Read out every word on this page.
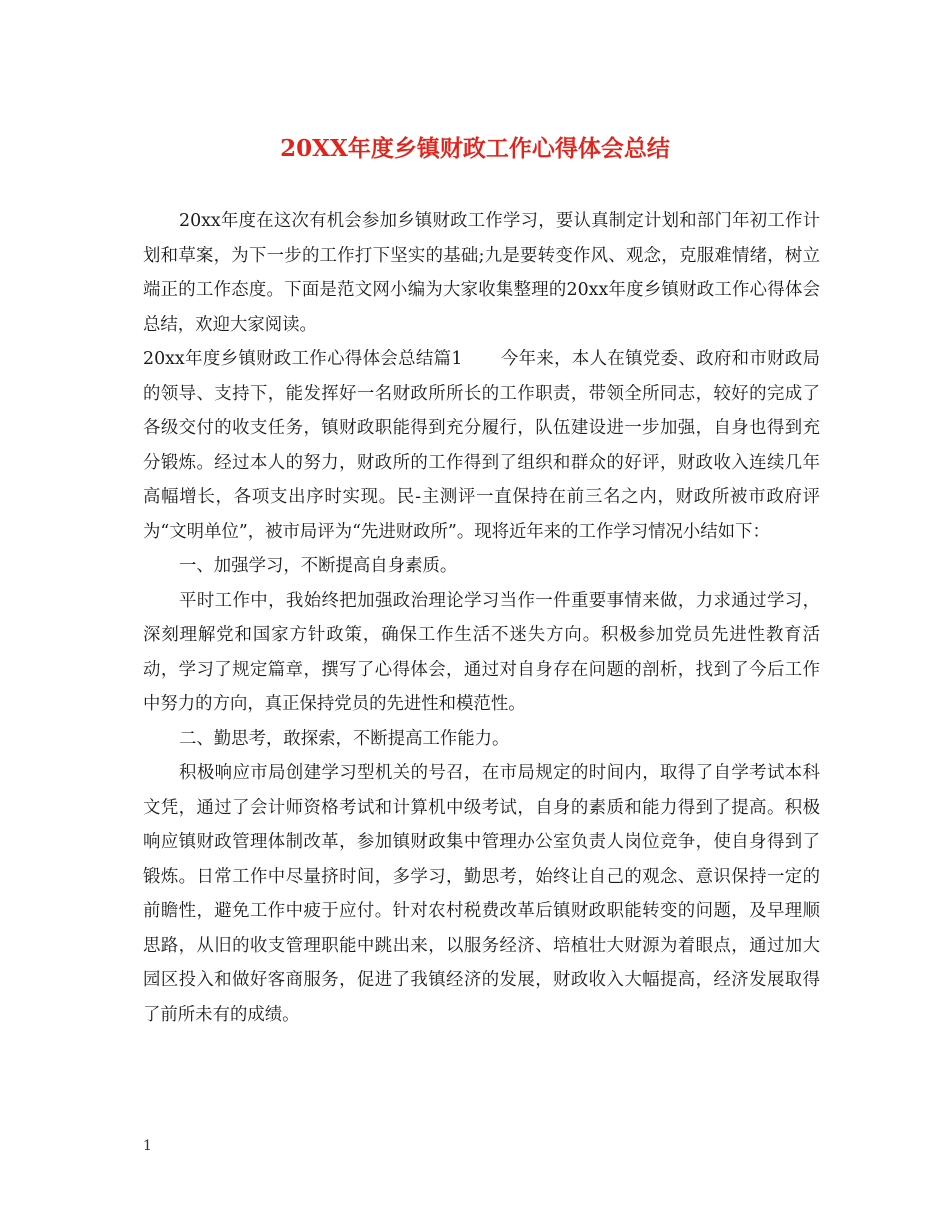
20XX年度乡镇财政工作心得体会总结

20xx年度在这次有机会参加乡镇财政工作学习，要认真制定计划和部门年初工作计划和草案，为下一步的工作打下坚实的基础;九是要转变作风、观念，克服难情绪，树立端正的工作态度。下面是范文网小编为大家收集整理的20xx年度乡镇财政工作心得体会总结，欢迎大家阅读。

20xx年度乡镇财政工作心得体会总结篇1 今年来，本人在镇党委、政府和市财政局的领导、支持下，能发挥好一名财政所所长的工作职责，带领全所同志，较好的完成了各级交付的收支任务，镇财政职能得到充分履行，队伍建设进一步加强，自身也得到充分锻炼。经过本人的努力，财政所的工作得到了组织和群众的好评，财政收入连续几年高幅增长，各项支出序时实现。民-主测评一直保持在前三名之内，财政所被市政府评为“文明单位”，被市局评为“先进财政所”。现将近年来的工作学习情况小结如下：

一、加强学习，不断提高自身素质。

平时工作中，我始终把加强政治理论学习当作一件重要事情来做，力求通过学习，深刻理解党和国家方针政策，确保工作生活不迷失方向。积极参加党员先进性教育活动，学习了规定篇章，撰写了心得体会，通过对自身存在问题的剖析，找到了今后工作中努力的方向，真正保持党员的先进性和模范性。

二、勤思考，敢探索，不断提高工作能力。

积极响应市局创建学习型机关的号召，在市局规定的时间内，取得了自学考试本科文凭，通过了会计师资格考试和计算机中级考试，自身的素质和能力得到了提高。积极响应镇财政管理体制改革，参加镇财政集中管理办公室负责人岗位竞争，使自身得到了锻炼。日常工作中尽量挤时间，多学习，勤思考，始终让自己的观念、意识保持一定的前瞻性，避免工作中疲于应付。针对农村税费改革后镇财政职能转变的问题，及早理顺思路，从旧的收支管理职能中跳出来，以服务经济、培植壮大财源为着眼点，通过加大园区投入和做好客商服务，促进了我镇经济的发展，财政收入大幅提高，经济发展取得了前所未有的成绩。

1
